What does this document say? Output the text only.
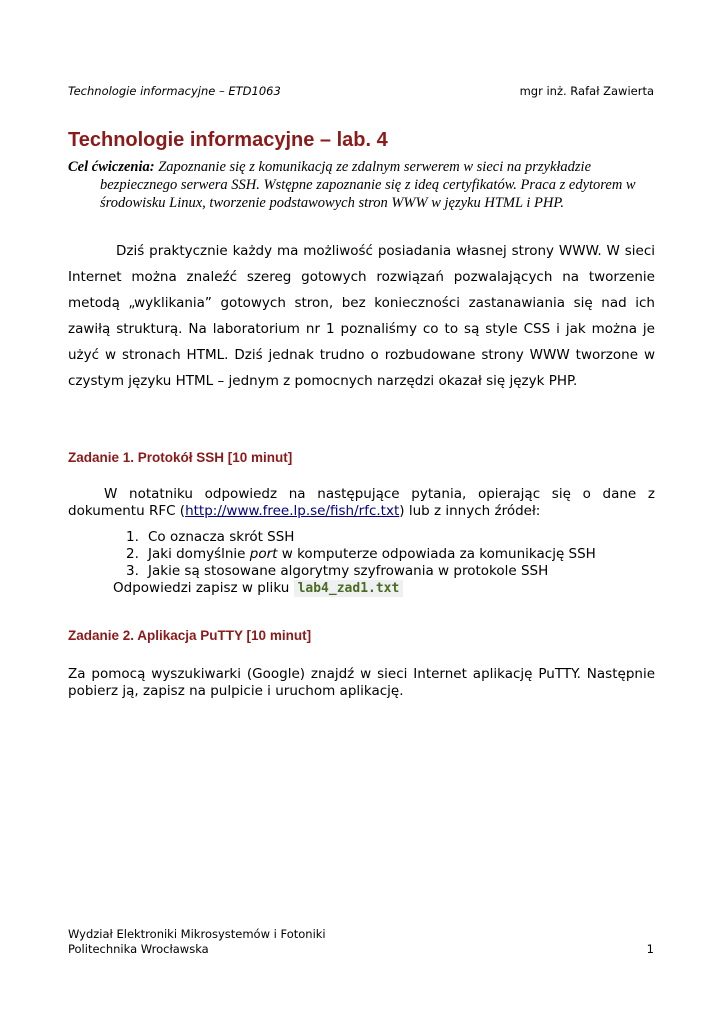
Technologie informacyjne – ETD1063	mgr inż. Rafał Zawierta
Technologie informacyjne – lab. 4
Cel ćwiczenia: Zapoznanie się z komunikacją ze zdalnym serwerem w sieci na przykładzie
bezpiecznego serwera SSH. Wstępne zapoznanie się z ideą certyfikatów. Praca z edytorem w
środowisku Linux, tworzenie podstawowych stron WWW w języku HTML i PHP.

Dziś praktycznie każdy ma możliwość posiadania własnej strony WWW. W sieci Internet można znaleźć szereg gotowych rozwiązań pozwalających na tworzenie metodą „wyklikania” gotowych stron, bez konieczności zastanawiania się nad ich zawiłą strukturą. Na laboratorium nr 1 poznaliśmy co to są style CSS i jak można je użyć w stronach HTML. Dziś jednak trudno o rozbudowane strony WWW tworzone w czystym języku HTML – jednym z pomocnych narzędzi okazał się język PHP.

Zadanie 1. Protokół SSH [10 minut]

W notatniku odpowiedz na następujące pytania, opierając się o dane z dokumentu RFC (http://www.free.lp.se/fish/rfc.txt) lub z innych źródeł:

1. Co oznacza skrót SSH
2. Jaki domyślnie port w komputerze odpowiada za komunikację SSH
3. Jakie są stosowane algorytmy szyfrowania w protokole SSH
Odpowiedzi zapisz w pliku lab4_zad1.txt
Zadanie 2. Aplikacja PuTTY [10 minut]

Za pomocą wyszukiwarki (Google) znajdź w sieci Internet aplikację PuTTY. Następnie pobierz ją, zapisz na pulpicie i uruchom aplikację.

Wydział Elektroniki Mikrosystemów i Fotoniki
Politechnika Wrocławska	1
